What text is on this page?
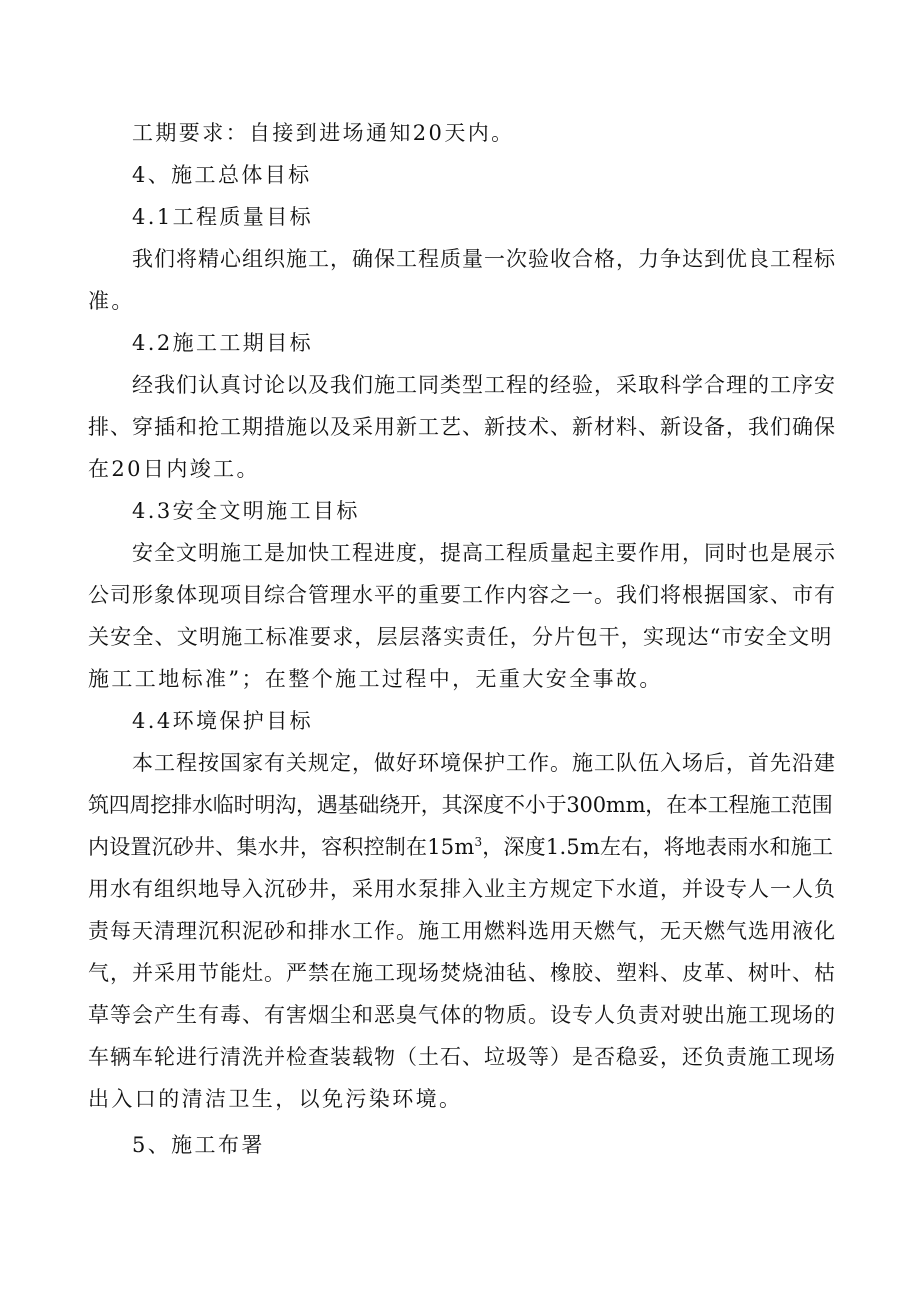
工期要求：自接到进场通知20天内。
4、施工总体目标
4.1工程质量目标
我们将精心组织施工，确保工程质量一次验收合格，力争达到优良工程标
准。
4.2施工工期目标
经我们认真讨论以及我们施工同类型工程的经验，采取科学合理的工序安
排、穿插和抢工期措施以及采用新工艺、新技术、新材料、新设备，我们确保
在20日内竣工。
4.3安全文明施工目标
安全文明施工是加快工程进度，提高工程质量起主要作用，同时也是展示
公司形象体现项目综合管理水平的重要工作内容之一。我们将根据国家、市有
关安全、文明施工标准要求，层层落实责任，分片包干，实现达“市安全文明
施工工地标准”；在整个施工过程中，无重大安全事故。
4.4环境保护目标
本工程按国家有关规定，做好环境保护工作。施工队伍入场后，首先沿建
筑四周挖排水临时明沟，遇基础绕开，其深度不小于300mm，在本工程施工范围
内设置沉砂井、集水井，容积控制在$15m^3$，深度1.5m左右，将地表雨水和施工
用水有组织地导入沉砂井，采用水泵排入业主方规定下水道，并设专人一人负
责每天清理沉积泥砂和排水工作。施工用燃料选用天燃气，无天燃气选用液化
气，并采用节能灶。严禁在施工现场焚烧油毡、橡胶、塑料、皮革、树叶、枯
草等会产生有毒、有害烟尘和恶臭气体的物质。设专人负责对驶出施工现场的
车辆车轮进行清洗并检查装载物（土石、垃圾等）是否稳妥，还负责施工现场
出入口的清洁卫生，以免污染环境。
5、施工布署
